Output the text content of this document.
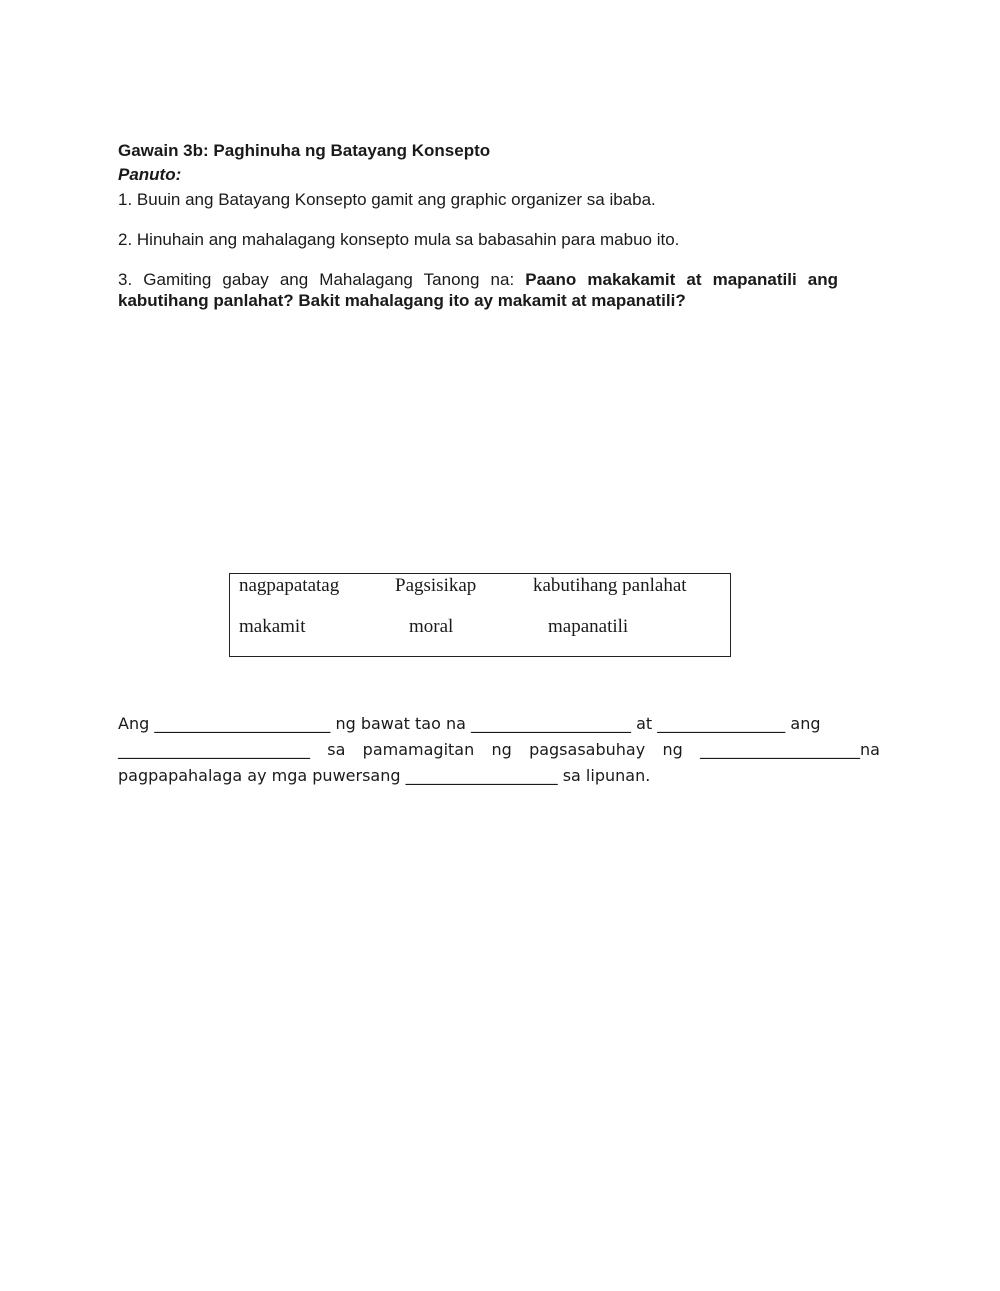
Gawain 3b: Paghinuha ng Batayang Konsepto
Panuto:
1. Buuin ang Batayang Konsepto gamit ang graphic organizer sa ibaba.
2. Hinuhain ang mahalagang konsepto mula sa babasahin para mabuo ito.
3. Gamiting gabay ang Mahalagang Tanong na: Paano makakamit at mapanatili ang kabutihang panlahat? Bakit mahalagang ito ay makamit at mapanatili?
nagpapatatag	Pagsisikap	kabutihang panlahat
makamit	moral	mapanatili
Ang ______________________ ng bawat tao na ____________________ at ________________ ang
________________________ sa pamamagitan ng pagsasabuhay ng ____________________na
pagpapahalaga ay mga puwersang ___________________ sa lipunan.
